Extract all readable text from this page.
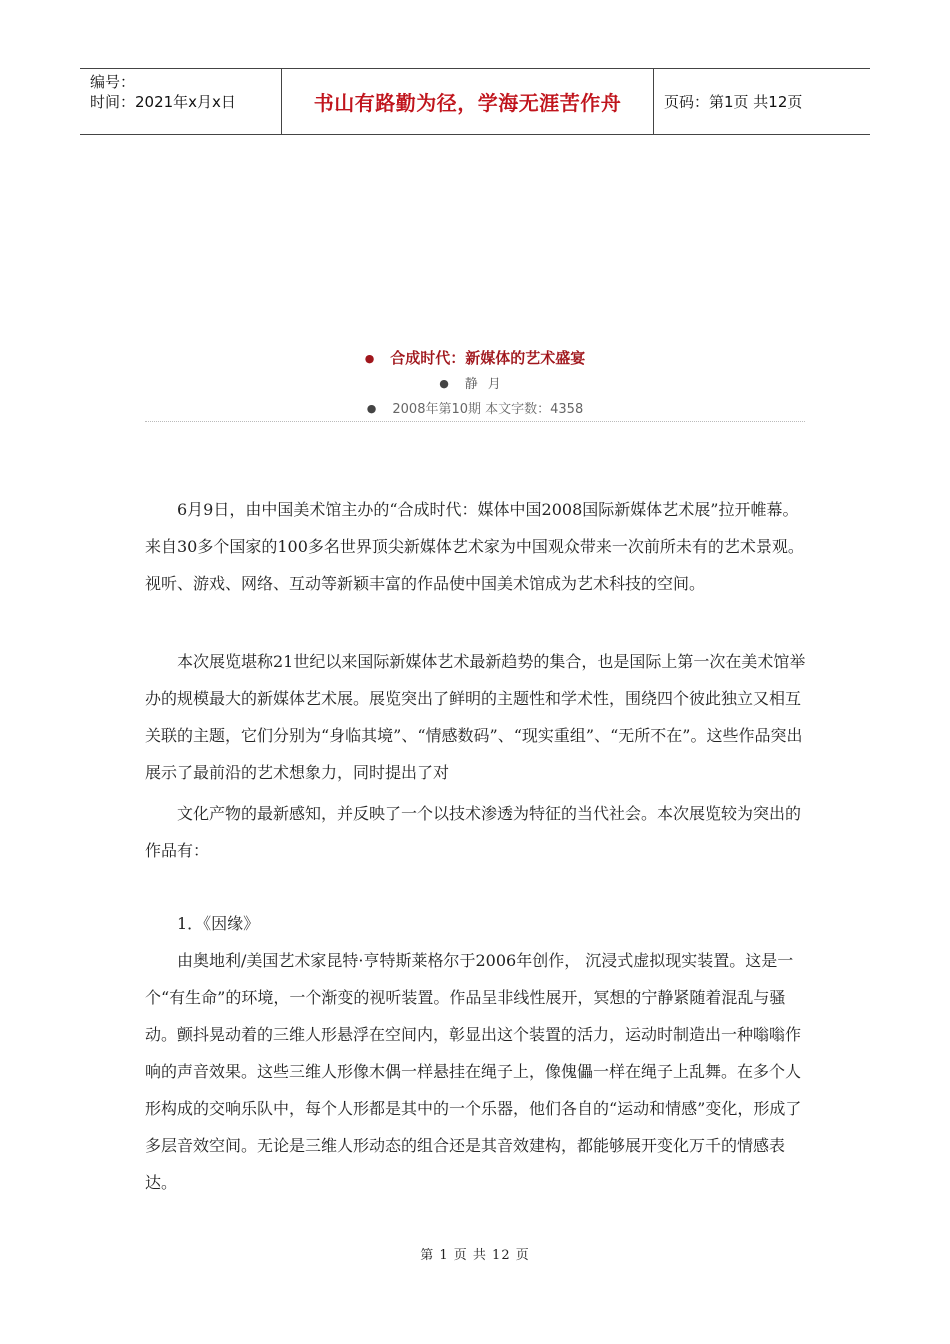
编号：
时间：2021年x月x日	书山有路勤为径，学海无涯苦作舟	页码：第1页 共12页
● 合成时代：新媒体的艺术盛宴
● 静月
● 2008年第10期 本文字数：4358

6月9日，由中国美术馆主办的“合成时代：媒体中国2008国际新媒体艺术展”拉开帷幕。来自30多个国家的100多名世界顶尖新媒体艺术家为中国观众带来一次前所未有的艺术景观。视听、游戏、网络、互动等新颖丰富的作品使中国美术馆成为艺术科技的空间。

本次展览堪称21世纪以来国际新媒体艺术最新趋势的集合，也是国际上第一次在美术馆举办的规模最大的新媒体艺术展。展览突出了鲜明的主题性和学术性，围绕四个彼此独立又相互关联的主题，它们分别为“身临其境”、“情感数码”、“现实重组”、“无所不在”。这些作品突出展示了最前沿的艺术想象力，同时提出了对

文化产物的最新感知，并反映了一个以技术渗透为特征的当代社会。本次展览较为突出的作品有：

1．《因缘》

由奥地利/美国艺术家昆特·亨特斯莱格尔于2006年创作， 沉浸式虚拟现实装置。这是一个“有生命”的环境，一个渐变的视听装置。作品呈非线性展开，冥想的宁静紧随着混乱与骚动。颤抖晃动着的三维人形悬浮在空间内，彰显出这个装置的活力，运动时制造出一种嗡嗡作响的声音效果。这些三维人形像木偶一样悬挂在绳子上，像傀儡一样在绳子上乱舞。在多个人形构成的交响乐队中，每个人形都是其中的一个乐器，他们各自的“运动和情感”变化，形成了多层音效空间。无论是三维人形动态的组合还是其音效建构，都能够展开变化万千的情感表达。

第 1 页 共 12 页
